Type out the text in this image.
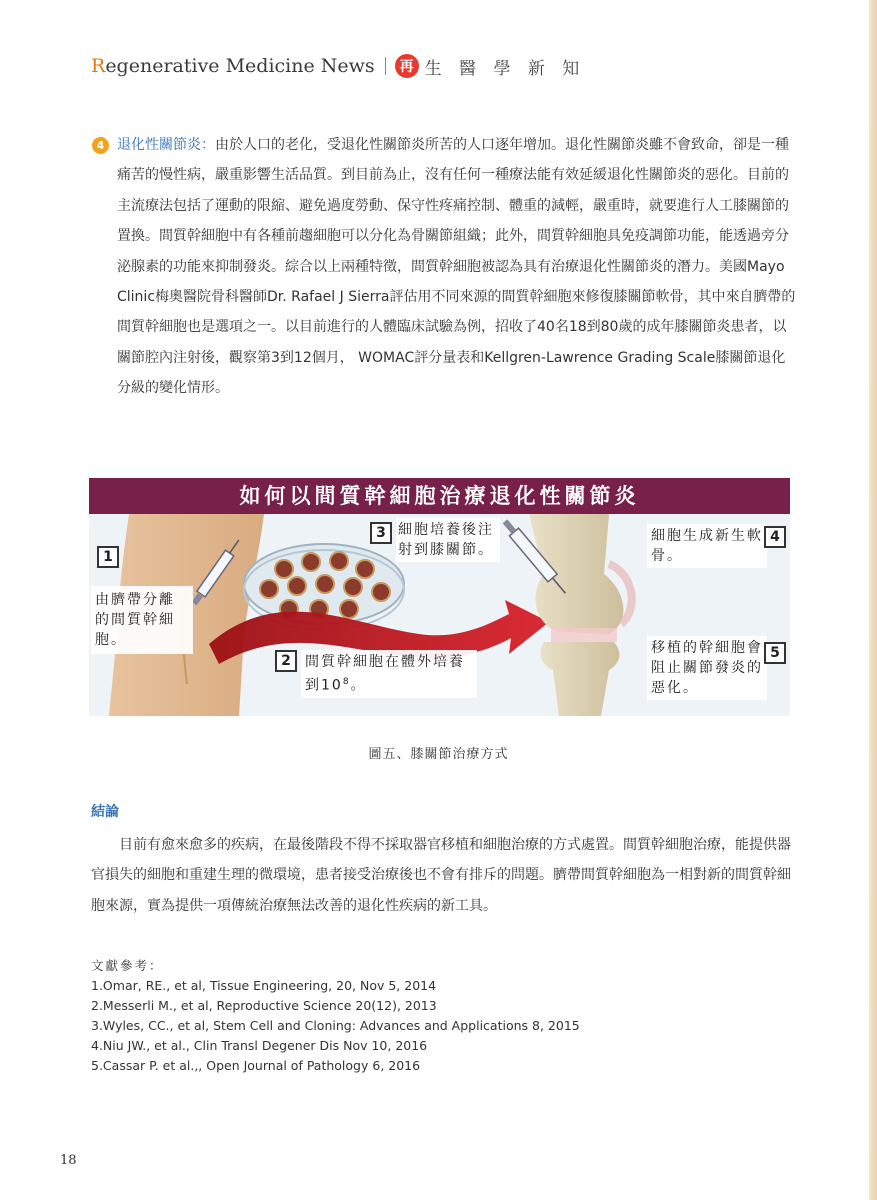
Regenerative Medicine News	再 生 醫 學 新 知
4 退化性關節炎：由於人口的老化，受退化性關節炎所苦的人口逐年增加。退化性關節炎雖不會致命，卻是一種痛苦的慢性病，嚴重影響生活品質。到目前為止，沒有任何一種療法能有效延緩退化性關節炎的惡化。目前的主流療法包括了運動的限縮、避免過度勞動、保守性疼痛控制、體重的減輕，嚴重時，就要進行人工膝關節的置換。間質幹細胞中有各種前趨細胞可以分化為骨關節組織；此外，間質幹細胞具免疫調節功能，能透過旁分泌腺素的功能來抑制發炎。綜合以上兩種特徵，間質幹細胞被認為具有治療退化性關節炎的潛力。美國Mayo Clinic梅奧醫院骨科醫師Dr. Rafael J Sierra評估用不同來源的間質幹細胞來修復膝關節軟骨，其中來自臍帶的間質幹細胞也是選項之一。以目前進行的人體臨床試驗為例，招收了40名18到80歲的成年膝關節炎患者，以關節腔內注射後，觀察第3到12個月， WOMAC評分量表和Kellgren-Lawrence Grading Scale膝關節退化分級的變化情形。
如何以間質幹細胞治療退化性關節炎
1
由臍帶分離的間質幹細胞。
2	間質幹細胞在體外培養到$10^8$。
3 細胞培養後注射到膝關節。
細胞生成新生軟骨。
4
移植的幹細胞會阻止關節發炎的惡化。
5
圖五、膝關節治療方式
結論
目前有愈來愈多的疾病，在最後階段不得不採取器官移植和細胞治療的方式處置。間質幹細胞治療，能提供器官損失的細胞和重建生理的微環境，患者接受治療後也不會有排斥的問題。臍帶間質幹細胞為一相對新的間質幹細胞來源，實為提供一項傳統治療無法改善的退化性疾病的新工具。
文獻參考：
1.Omar, RE., et al, Tissue Engineering, 20, Nov 5, 2014
2.Messerli M., et al, Reproductive Science 20(12), 2013
3.Wyles, CC., et al, Stem Cell and Cloning: Advances and Applications 8, 2015
4.Niu JW., et al., Clin Transl Degener Dis Nov 10, 2016
5.Cassar P. et al.,, Open Journal of Pathology 6, 2016
18
